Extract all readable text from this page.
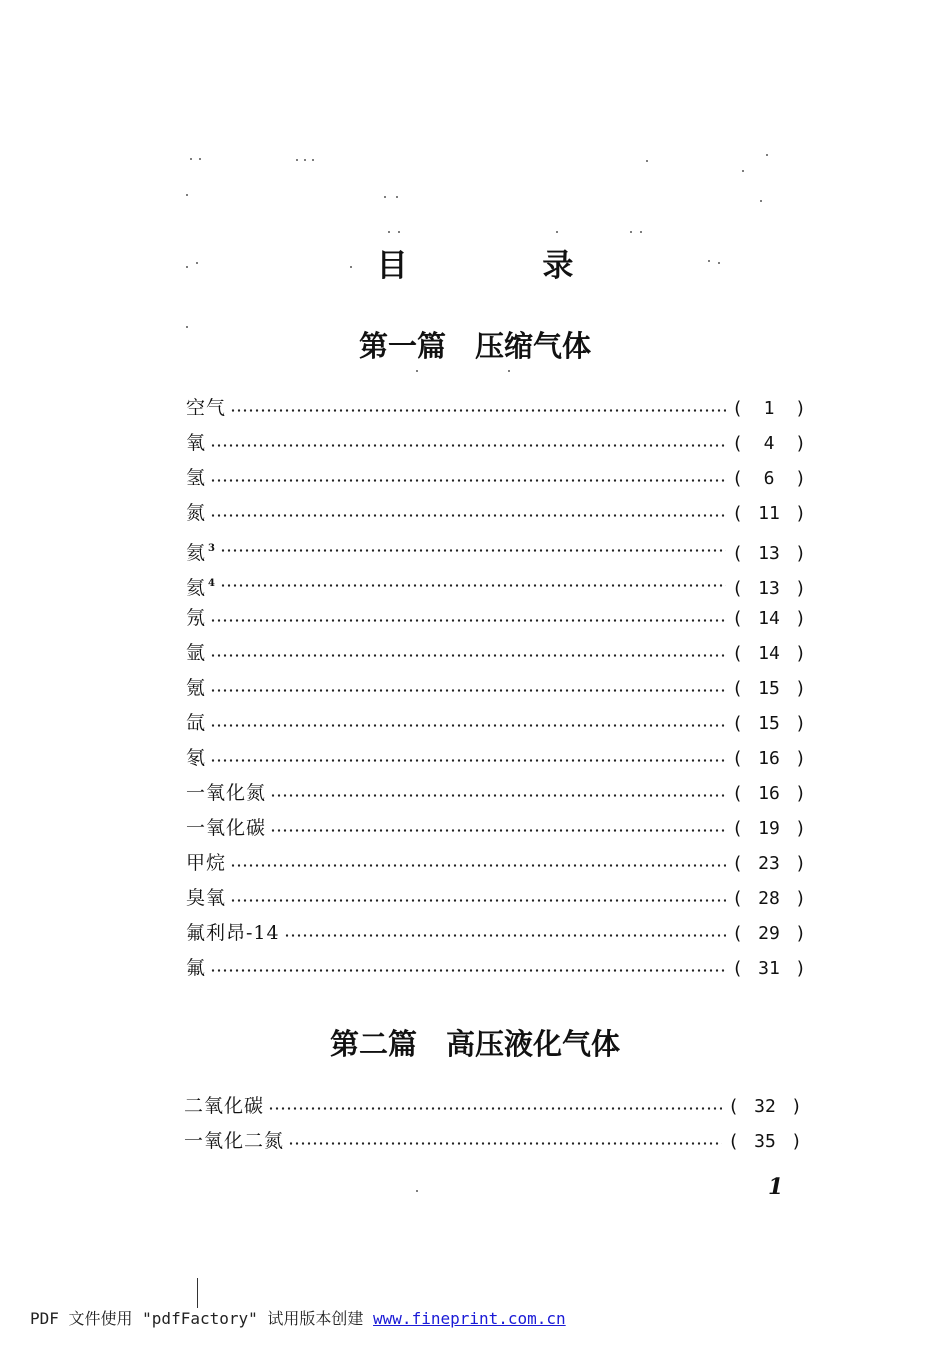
目 录
第一篇　压缩气体
空气	(	1	)
氧	(	4	)
氢	(	6	)
氮	( 11 )
氦 $^3$	( 13 )
氦 $^4$	( 13 )
氖	( 14 )
氩	( 14 )
氪	( 15 )
氙	( 15 )
氡	( 16 )
一氧化氮	( 16 )
一氧化碳	( 19 )
甲烷	( 23 )
臭氧	( 28 )
氟利昂-14	( 29 )
氟	( 31 )
第二篇　高压液化气体
二氧化碳	( 32 )
一氧化二氮	( 35 )
1
PDF 文件使用 "pdfFactory" 试用版本创建 www.fineprint.com.cn
